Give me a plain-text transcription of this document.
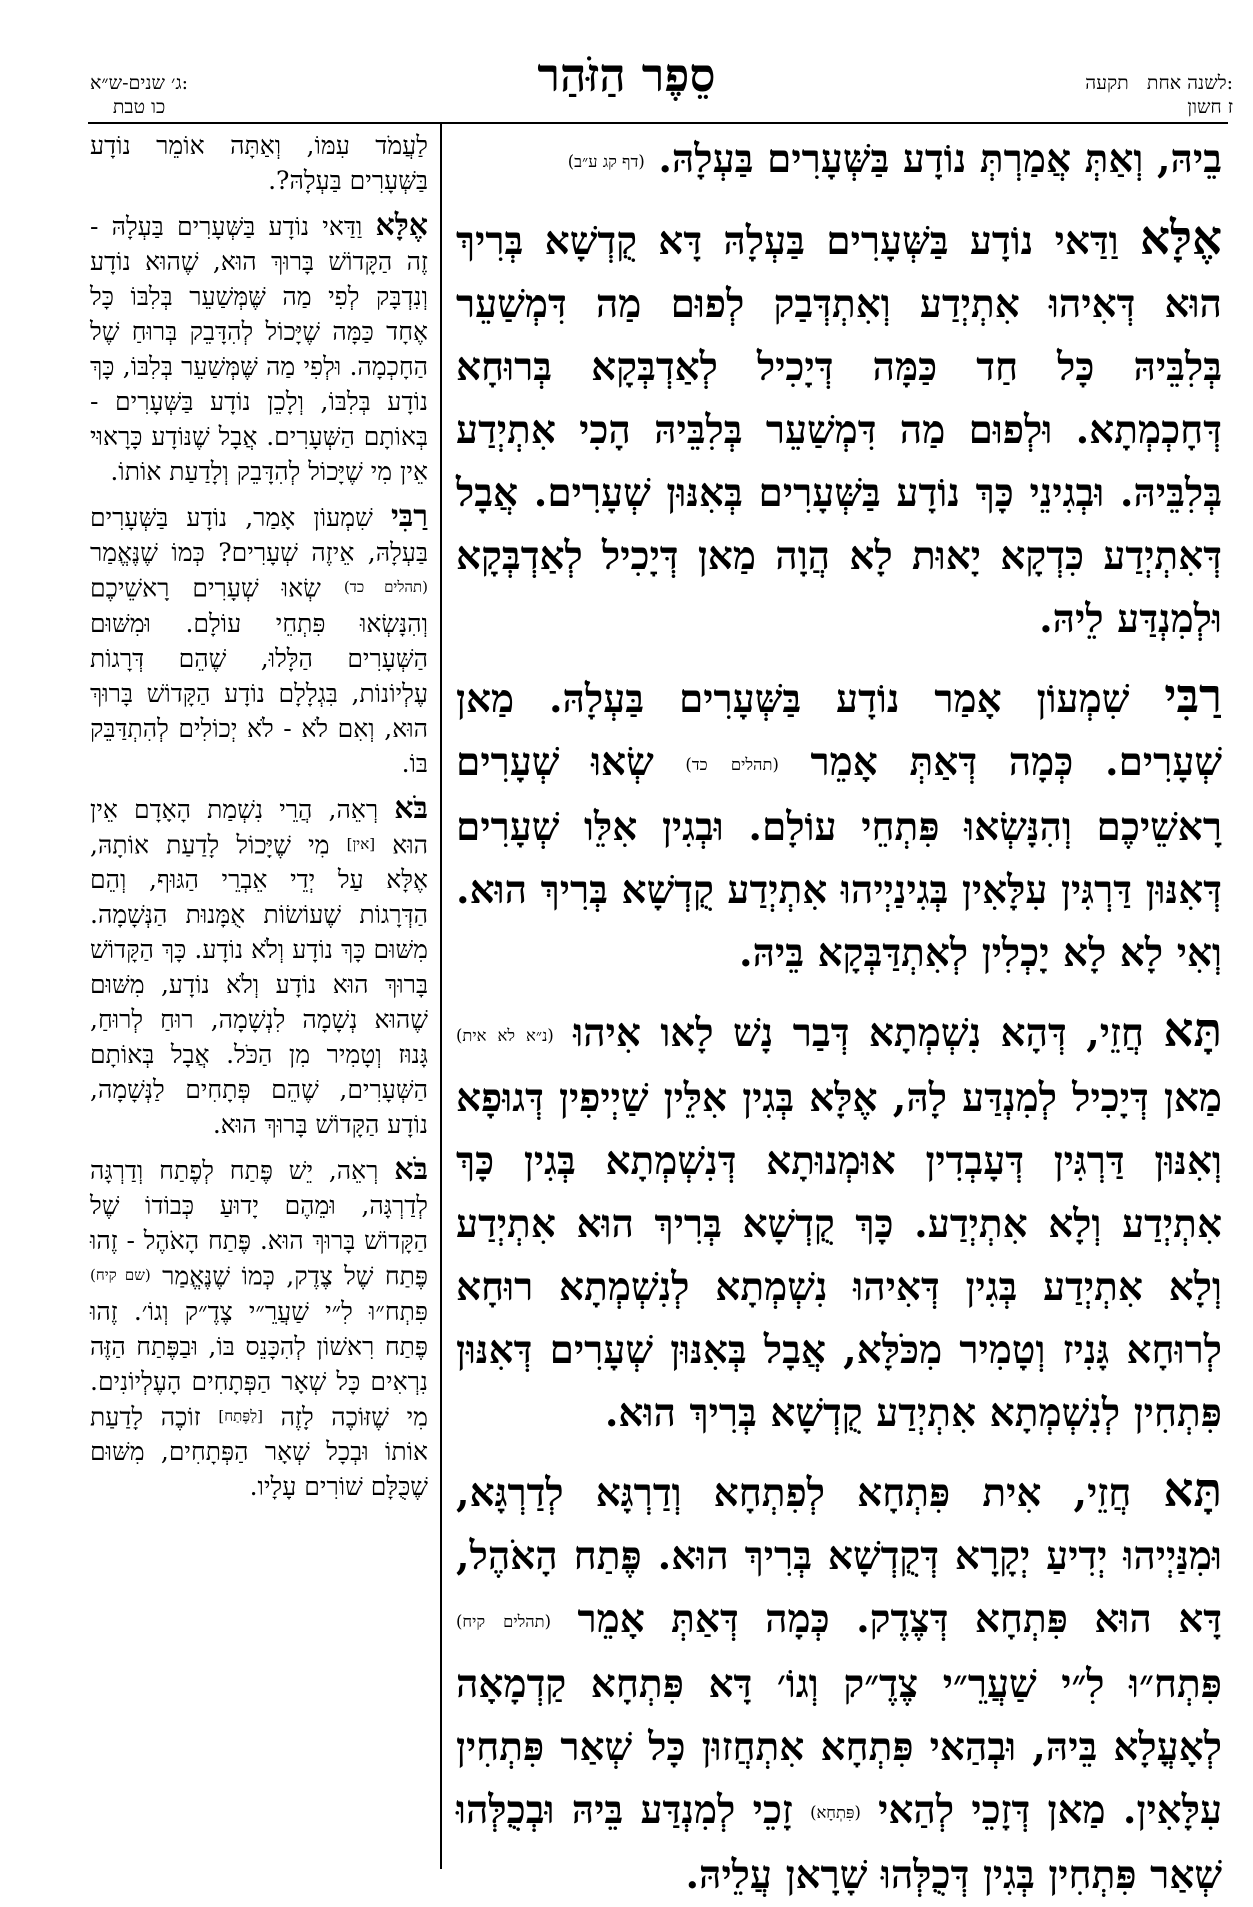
תקעה לשנה אחת:
ז חשון
סֵפֶר הַזֹּהַר
ג׳ שנים-ש״א:
כו טבת

בֵיהּ, וְאַתְּ אֲמַרְתְּ נוֹדָע בַּשְּׁעָרִים בַּעְלָהּ. (דף קג ע״ב)

אֶלָּא וַדַּאי נוֹדָע בַּשְּׁעָרִים בַּעְלָהּ דָּא קֻדְשָׁא בְּרִיךְ הוּא דְּאִיהוּ אִתְיְדַע וְאִתְדְּבַק לְפוּם מַה דִּמְשַׁעֵר בְּלִבֵּיהּ כָּל חַד כַּמָּה דְּיָכִיל לְאַדְבְּקָא בְּרוּחָא דְּחָכְמְתָא. וּלְפוּם מַה דִּמְשַׁעֵר בְּלִבֵּיהּ הָכִי אִתְיְדַע בְּלִבֵּיהּ. וּבְגִינֵי כָּךְ נוֹדָע בַּשְּׁעָרִים בְּאִנּוּן שְׁעָרִים. אֲבָל דְּאִתְיְדַע כִּדְקָא יָאוּת לָא הֲוָה מַאן דְּיָכִיל לְאַדְבְּקָא וּלְמִנְדַּע לֵיהּ.

רַבִּי שִׁמְעוֹן אָמַר נוֹדָע בַּשְּׁעָרִים בַּעְלָהּ. מַאן שְׁעָרִים. כְּמָה דְּאַתְּ אָמֵר (תהלים כד) שְׂאוּ שְׁעָרִים רָאשֵׁיכֶם וְהִנָּשְׂאוּ פִּתְחֵי עוֹלָם. וּבְגִין אִלֵּו שְׁעָרִים דְּאִנּוּן דַּרְגִּין עִלָּאִין בְּגִינַיְיהוּ אִתְיְדַע קֻדְשָׁא בְּרִיךְ הוּא. וְאִי לָא לָא יָכְלִין לְאִתְדַּבְּקָא בֵּיהּ.

תָּא חֲזֵי, דְּהָא נִשְׁמְתָא דְּבַר נָשׁ לָאו אִיהוּ (נ״א לא אית) מַאן דְּיָכִיל לְמִנְדַּע לָהּ, אֶלָּא בְּגִין אִלֵּין שַׁיְיפִין דְּגוּפָא וְאִנּוּן דַּרְגִּין דְּעָבְדִין אוּמְנוּתָא דְּנִשְׁמְתָא בְּגִין כָּךְ אִתְיְדַע וְלָא אִתְיְדַע. כָּךְ קֻדְשָׁא בְּרִיךְ הוּא אִתְיְדַע וְלָא אִתְיְדַע בְּגִין דְּאִיהוּ נִשְׁמְתָא לְנִשְׁמְתָא רוּחָא לְרוּחָא גָּנִיז וְטָמִיר מִכֹּלָּא, אֲבָל בְּאִנּוּן שְׁעָרִים דְּאִנּוּן פִּתְחִין לְנִשְׁמְתָא אִתְיְדַע קֻדְשָׁא בְּרִיךְ הוּא.

תָּא חֲזֵי, אִית פִּתְחָא לְפִתְחָא וְדַרְגָּא לְדַרְגָּא, וּמִנַּיְיהוּ יְדִיעַ יְקָרָא דְּקֻדְשָׁא בְּרִיךְ הוּא. פֶּתַח הָאֹהֶל, דָּא הוּא פִּתְחָא דְּצֶדֶק. כְּמָה דְּאַתְּ אָמֵר (תהלים קיח) פִּתְח״וּ לִ״י שַׁעֲרֵ״י צֶדֶ״ק וְגוֹ׳ דָּא פִּתְחָא קַדְמָאָה לְאָעֳלָא בֵּיהּ, וּבְהַאי פִּתְחָא אִתְחֲזוּן כָּל שְׁאַר פִּתְחִין עִלָּאִין. מַאן דְּזָכֵי לְהַאי (פִּתְחָא) זָכֵי לְמִנְדַּע בֵּיהּ וּבְכֻלְּהוּ שְׁאַר פִּתְחִין בְּגִין דְּכֻלְּהוּ שָׁרָאן עֲלֵיהּ.

לַעֲמֹד עִמּוֹ, וְאַתָּה אוֹמֵר נוֹדָע בַּשְּׁעָרִים בַּעְלָהּ?.

אֶלָּא וַדַּאי נוֹדָע בַּשְּׁעָרִים בַּעְלָהּ - זֶה הַקָּדוֹשׁ בָּרוּךְ הוּא, שֶׁהוּא נוֹדָע וְנִדְבָּק לְפִי מַה שֶּׁמְּשַׁעֵר בְּלִבּוֹ כָּל אֶחָד כַּמָּה שֶׁיָּכוֹל לְהִדָּבֵק בְּרוּחַ שֶׁל הַחָכְמָה. וּלְפִי מַה שֶּׁמְּשַׁעֵר בְּלִבּוֹ, כָּךְ נוֹדָע בְּלִבּוֹ, וְלָכֵן נוֹדָע בַּשְּׁעָרִים - בְּאוֹתָם הַשְּׁעָרִים. אֲבָל שֶׁנּוֹדָע כָּרָאוּי אֵין מִי שֶׁיָּכוֹל לְהִדָּבֵק וְלָדַעַת אוֹתוֹ.

רַבִּי שִׁמְעוֹן אָמַר, נוֹדָע בַּשְּׁעָרִים בַּעְלָהּ, אֵיזֶה שְׁעָרִים? כְּמוֹ שֶׁנֶּאֱמַר (תהלים כד) שְׂאוּ שְׁעָרִים רָאשֵׁיכֶם וְהִנָּשְׂאוּ פִּתְחֵי עוֹלָם. וּמִשּׁוּם הַשְּׁעָרִים הַלָּלוּ, שֶׁהֵם דְּרָגוֹת עֶלְיוֹנוֹת, בִּגְלָלָם נוֹדָע הַקָּדוֹשׁ בָּרוּךְ הוּא, וְאִם לֹא - לֹא יְכוֹלִים לְהִתְדַּבֵּק בּוֹ.

בֹּא רְאֵה, הֲרֵי נִשְׁמַת הָאָדָם אֵין הוּא [אין] מִי שֶׁיָּכוֹל לָדַעַת אוֹתָהּ, אֶלָּא עַל יְדֵי אֵבְרֵי הַגּוּף, וְהֵם הַדְּרָגוֹת שֶׁעוֹשׂוֹת אֻמָּנוּת הַנְּשָׁמָה. מִשּׁוּם כָּךְ נוֹדָע וְלֹא נוֹדָע. כָּךְ הַקָּדוֹשׁ בָּרוּךְ הוּא נוֹדָע וְלֹא נוֹדָע, מִשּׁוּם שֶׁהוּא נְשָׁמָה לִנְשָׁמָה, רוּחַ לְרוּחַ, גָּנוּז וְטָמִיר מִן הַכֹּל. אֲבָל בְּאוֹתָם הַשְּׁעָרִים, שֶׁהֵם פְּתָחִים לַנְּשָׁמָה, נוֹדָע הַקָּדוֹשׁ בָּרוּךְ הוּא.

בֹּא רְאֵה, יֵשׁ פֶּתַח לְפֶתַח וְדַרְגָּה לְדַרְגָּה, וּמֵהֶם יָדוּעַ כְּבוֹדוֹ שֶׁל הַקָּדוֹשׁ בָּרוּךְ הוּא. פֶּתַח הָאֹהֶל - זֶהוּ פֶּתַח שֶׁל צֶדֶק, כְּמוֹ שֶׁנֶּאֱמַר (שם קיח) פִּתְח״וּ לִ״י שַׁעֲרֵ״י צֶדֶ״ק וְגוֹ׳. זֶהוּ פֶּתַח רִאשׁוֹן לְהִכָּנֵס בּוֹ, וּבַפֶּתַח הַזֶּה נִרְאִים כָּל שְׁאָר הַפְּתָחִים הָעֶלְיוֹנִים. מִי שֶׁזּוֹכֶה לָזֶה [לַפֶּתַח] זוֹכֶה לָדַעַת אוֹתוֹ וּבְכָל שְׁאָר הַפְּתָחִים, מִשּׁוּם שֶׁכֻּלָּם שׁוֹרִים עָלָיו.
